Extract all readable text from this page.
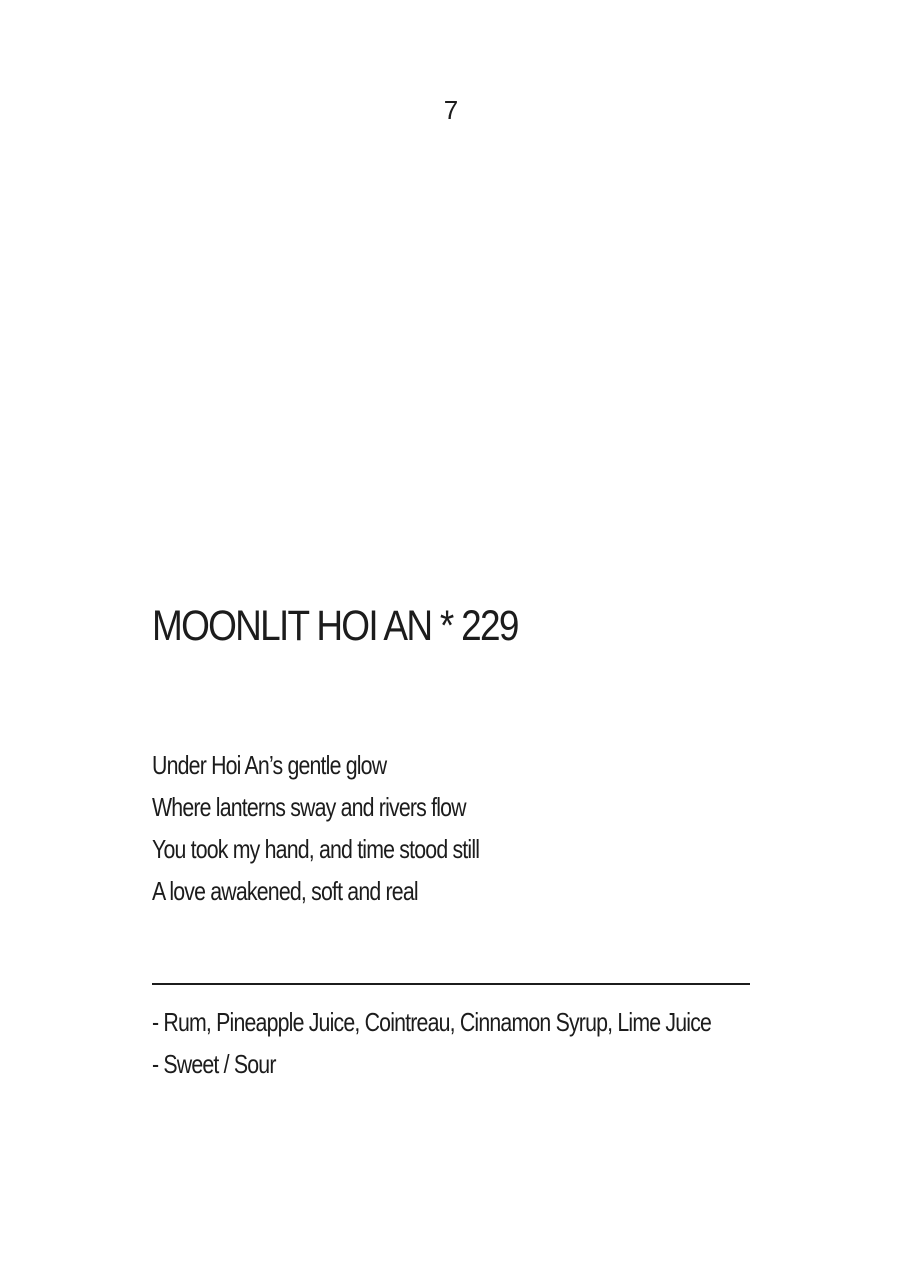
7
MOONLIT HOI AN * 229
Under Hoi An’s gentle glow
Where lanterns sway and rivers flow
You took my hand, and time stood still
A love awakened, soft and real
- Rum, Pineapple Juice, Cointreau, Cinnamon Syrup, Lime Juice
- Sweet / Sour
